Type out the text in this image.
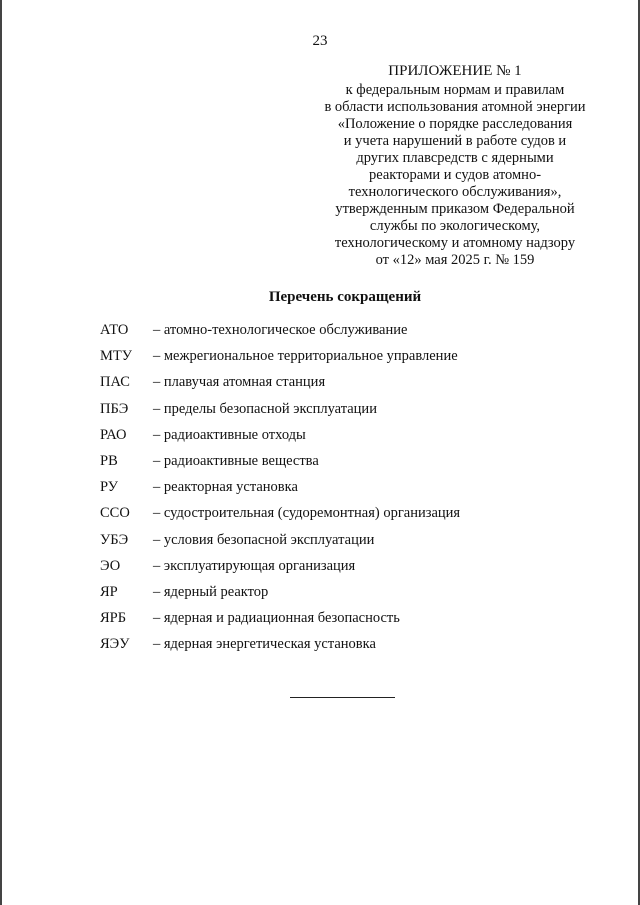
23
ПРИЛОЖЕНИЕ № 1
к федеральным нормам и правилам
в области использования атомной энергии
«Положение о порядке расследования
и учета нарушений в работе судов и
других плавсредств с ядерными
реакторами и судов атомно-
технологического обслуживания»,
утвержденным приказом Федеральной
службы по экологическому,
технологическому и атомному надзору
от «12» мая 2025 г. № 159
Перечень сокращений
АТО	– атомно-технологическое обслуживание
МТУ	– межрегиональное территориальное управление
ПАС	– плавучая атомная станция
ПБЭ	– пределы безопасной эксплуатации
РАО	– радиоактивные отходы
РВ	– радиоактивные вещества
РУ	– реакторная установка
ССО	– судостроительная (судоремонтная) организация
УБЭ	– условия безопасной эксплуатации
ЭО	– эксплуатирующая организация
ЯР	– ядерный реактор
ЯРБ	– ядерная и радиационная безопасность
ЯЭУ	– ядерная энергетическая установка
